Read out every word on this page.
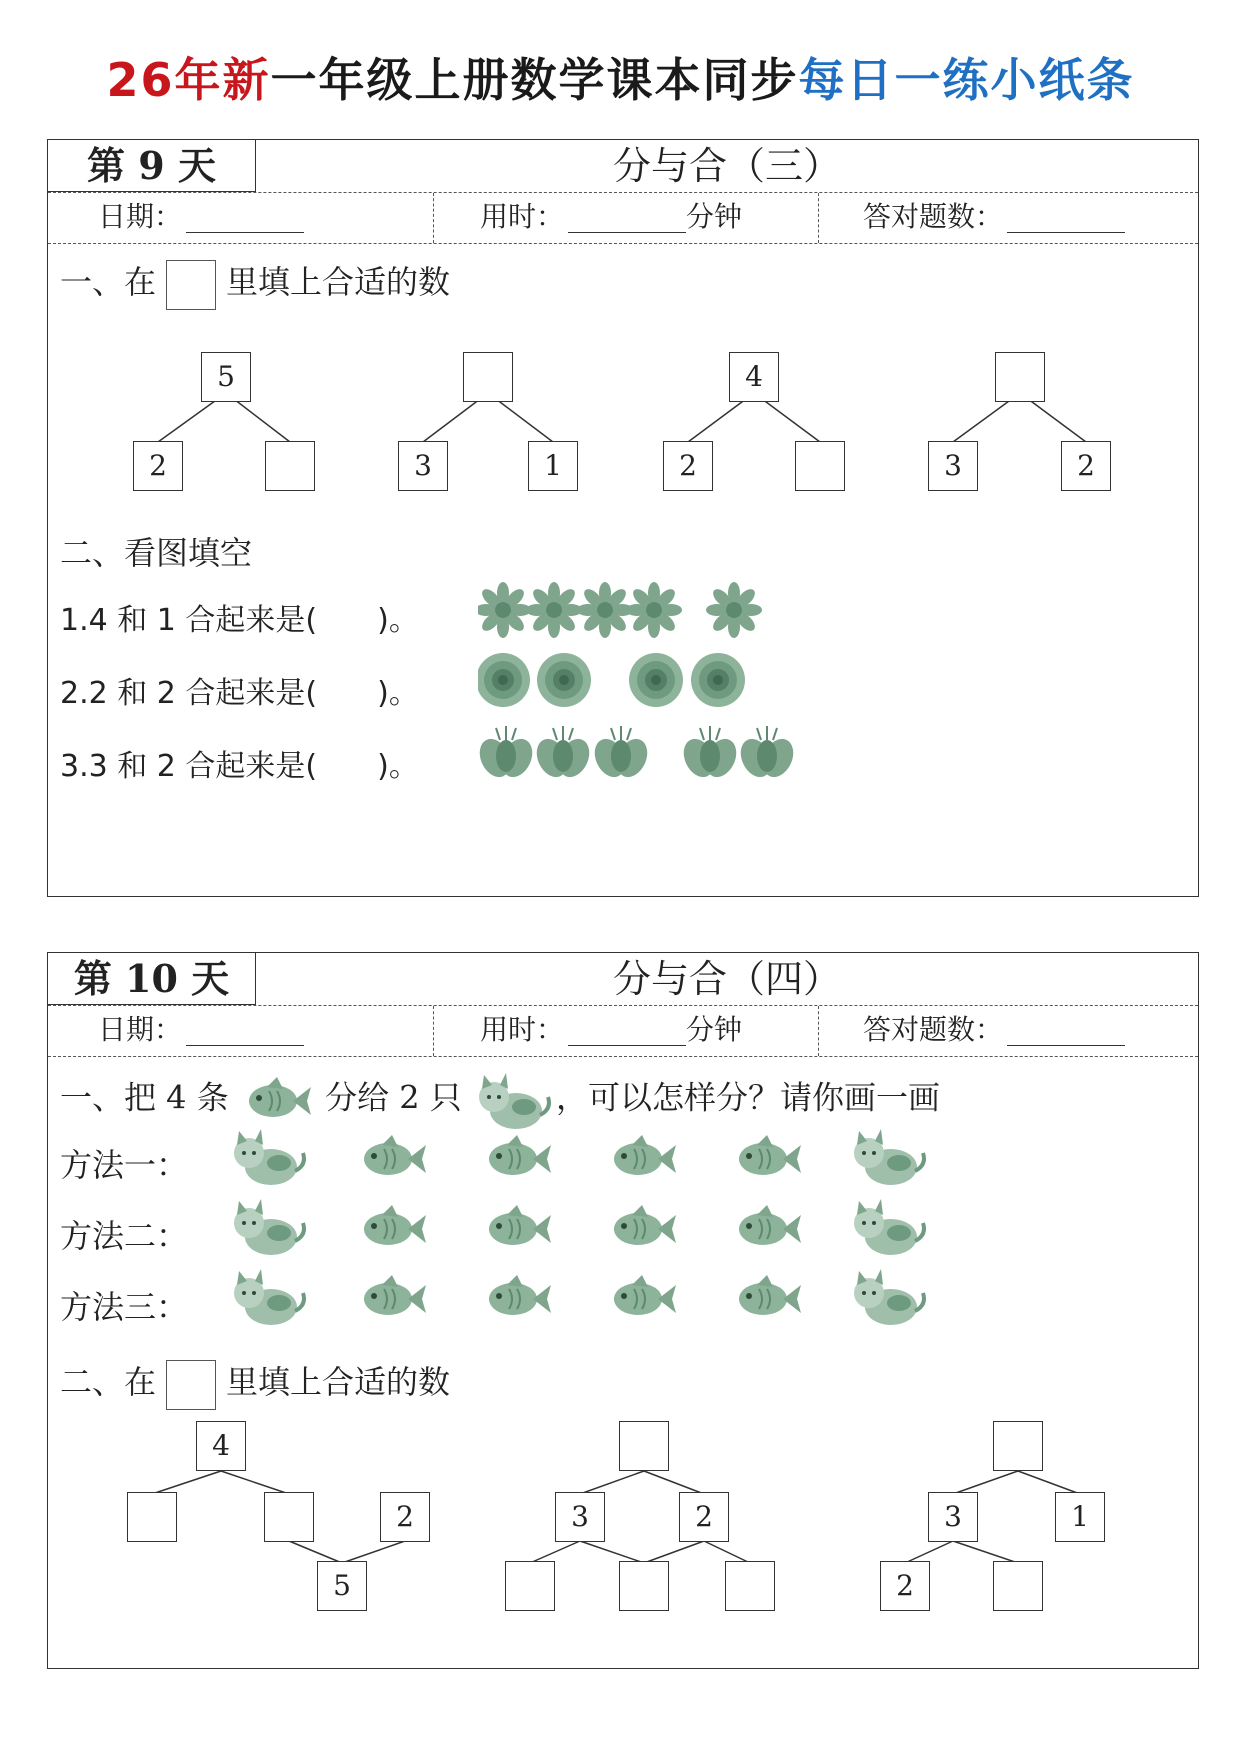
26年新一年级上册数学课本同步每日一练小纸条
第 9 天	分与合（三）
日期：	用时：	分钟	答对题数：
一、在 里填上合适的数
5
2	3	1
4
2	3	2
二、看图填空
1.4 和 1 合起来是(　　)。
2.2 和 2 合起来是(　　)。
3.3 和 2 合起来是(　　)。
第 10 天	分与合（四）
日期：	用时：	分钟	答对题数：
一、把 4 条	分给 2 只	，可以怎样分？请你画一画
方法一：
方法二：
方法三：
二、在 里填上合适的数
4
2
5
3	2	3	1
2
